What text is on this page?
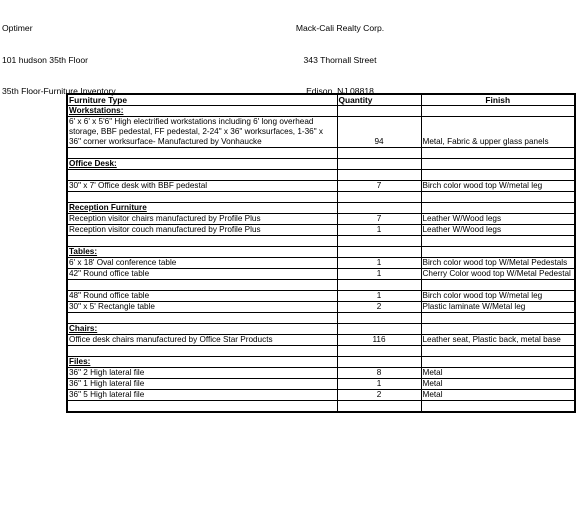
Optimer

101 hudson 35th Floor

35th Floor-Furniture Inventory

Mack-Cali Realty Corp.

343 Thornall Street

Edison, NJ 08818

Furniture Type	Quantity	Finish
Workstations:		
6' x 6' x 5'6" High electrified workstations including 6' long overhead storage, BBF pedestal, FF pedestal, 2-24" x 36" worksurfaces, 1-36" x 36" corner worksurface- Manufactured by Vonhaucke	94	Metal, Fabric & upper glass panels

Office Desk:		

30" x 7' Office desk with BBF pedestal	7	Birch color wood top W/metal leg

Reception Furniture		
Reception visitor chairs manufactured by Profile Plus	7	Leather W/Wood legs
Reception visitor couch manufactured by Profile Plus	1	Leather W/Wood legs

Tables:		
6' x 18' Oval conference table	1	Birch color wood top W/Metal Pedestals
42" Round office table	1	Cherry Color wood top W/Metal Pedestal

48" Round office table	1	Birch color wood top W/metal leg
30" x 5' Rectangle table	2	Plastic laminate W/Metal leg

Chairs:		
Office desk chairs manufactured by Office Star Products	116	Leather seat, Plastic back, metal base

Files:		
36" 2 High lateral file	8	Metal
36" 1 High lateral file	1	Metal
36" 5 High lateral file	2	Metal
